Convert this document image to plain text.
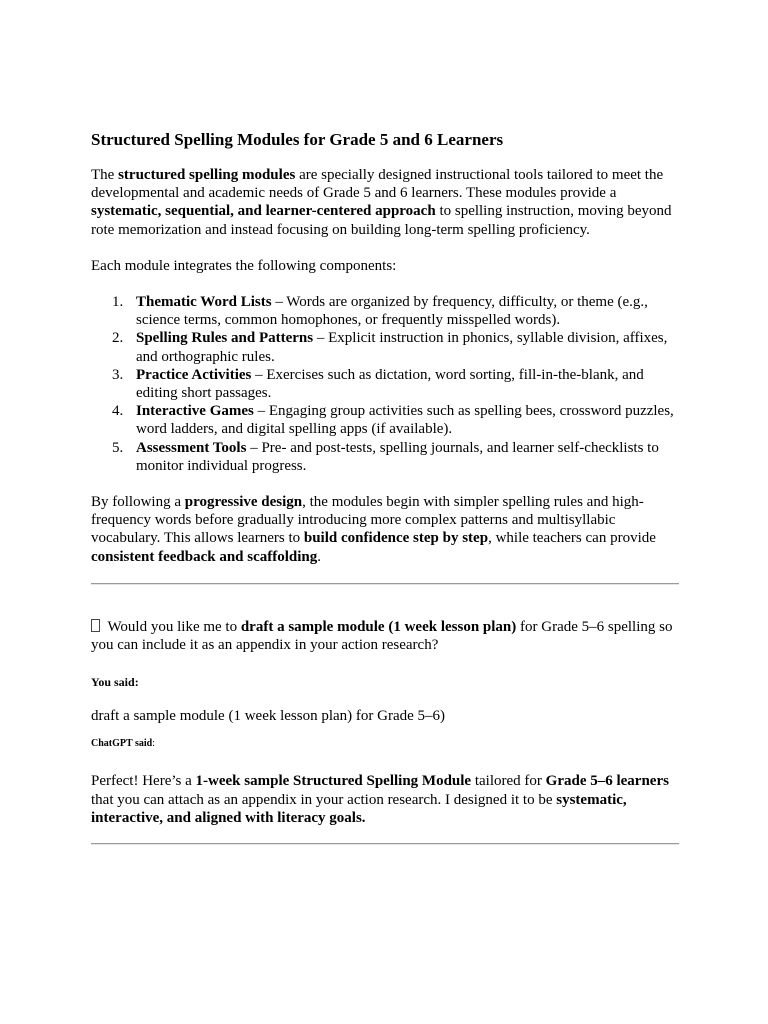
Structured Spelling Modules for Grade 5 and 6 Learners

The structured spelling modules are specially designed instructional tools tailored to meet the developmental and academic needs of Grade 5 and 6 learners. These modules provide a systematic, sequential, and learner-centered approach to spelling instruction, moving beyond rote memorization and instead focusing on building long-term spelling proficiency.

Each module integrates the following components:

1. Thematic Word Lists – Words are organized by frequency, difficulty, or theme (e.g., science terms, common homophones, or frequently misspelled words).
2. Spelling Rules and Patterns – Explicit instruction in phonics, syllable division, affixes, and orthographic rules.
3. Practice Activities – Exercises such as dictation, word sorting, fill-in-the-blank, and editing short passages.
4. Interactive Games – Engaging group activities such as spelling bees, crossword puzzles, word ladders, and digital spelling apps (if available).
5. Assessment Tools – Pre- and post-tests, spelling journals, and learner self-checklists to monitor individual progress.

By following a progressive design, the modules begin with simpler spelling rules and high-frequency words before gradually introducing more complex patterns and multisyllabic vocabulary. This allows learners to build confidence step by step, while teachers can provide consistent feedback and scaffolding.

Would you like me to draft a sample module (1 week lesson plan) for Grade 5–6 spelling so you can include it as an appendix in your action research?

You said:
draft a sample module (1 week lesson plan) for Grade 5–6)
ChatGPT said:

Perfect! Here’s a 1-week sample Structured Spelling Module tailored for Grade 5–6 learners that you can attach as an appendix in your action research. I designed it to be systematic, interactive, and aligned with literacy goals.
